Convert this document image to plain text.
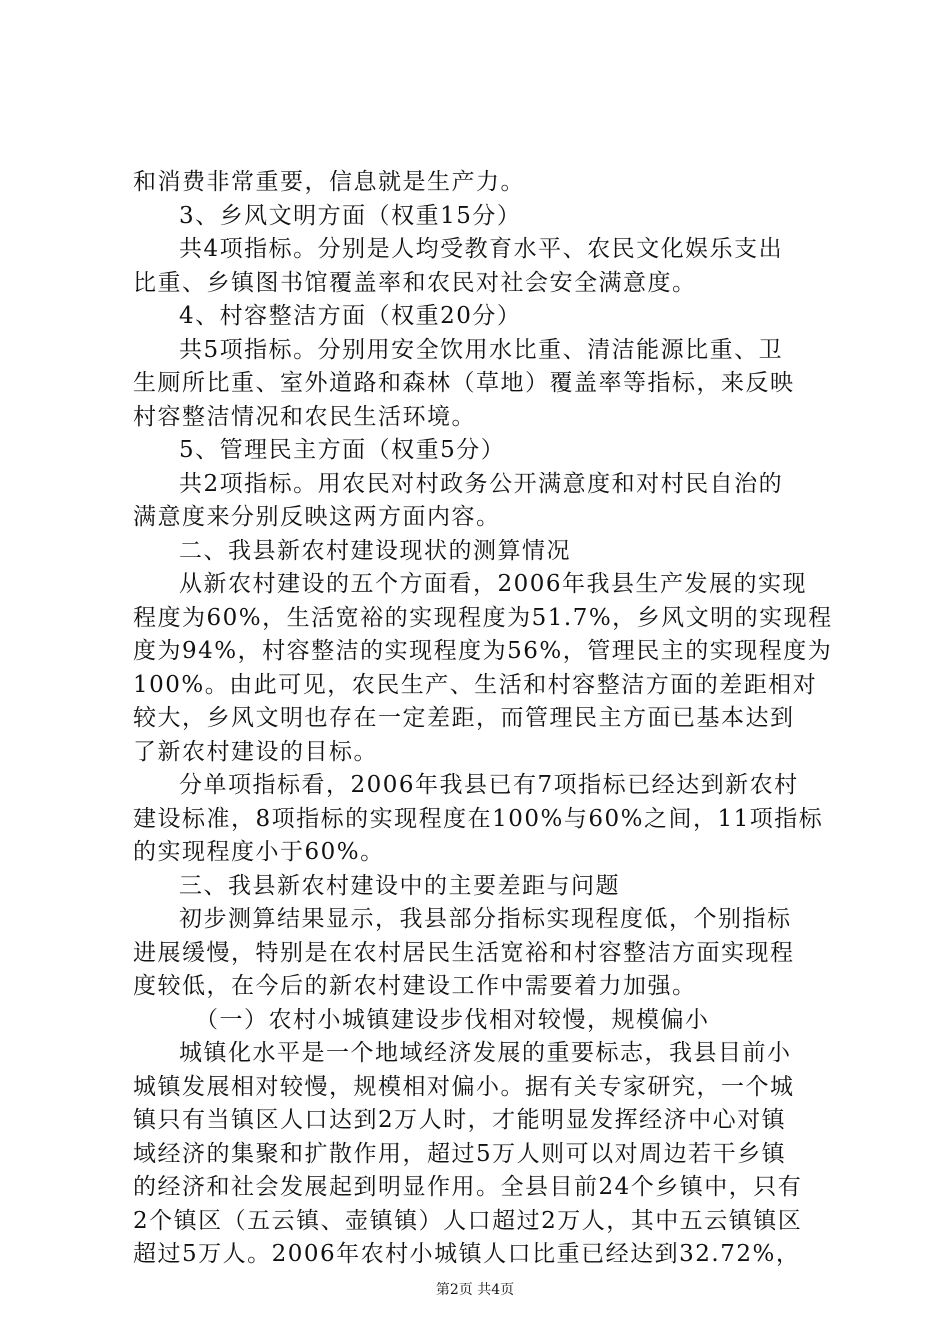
和消费非常重要，信息就是生产力。
3、乡风文明方面（权重15分）
共4项指标。分别是人均受教育水平、农民文化娱乐支出
比重、乡镇图书馆覆盖率和农民对社会安全满意度。
4、村容整洁方面（权重20分）
共5项指标。分别用安全饮用水比重、清洁能源比重、卫
生厕所比重、室外道路和森林（草地）覆盖率等指标，来反映
村容整洁情况和农民生活环境。
5、管理民主方面（权重5分）
共2项指标。用农民对村政务公开满意度和对村民自治的
满意度来分别反映这两方面内容。
二、我县新农村建设现状的测算情况
从新农村建设的五个方面看，2006年我县生产发展的实现
程度为60%，生活宽裕的实现程度为51.7%，乡风文明的实现程
度为94%，村容整洁的实现程度为56%，管理民主的实现程度为
100%。由此可见，农民生产、生活和村容整洁方面的差距相对
较大，乡风文明也存在一定差距，而管理民主方面已基本达到
了新农村建设的目标。
分单项指标看，2006年我县已有7项指标已经达到新农村
建设标准，8项指标的实现程度在100%与60%之间，11项指标
的实现程度小于60%。
三、我县新农村建设中的主要差距与问题
初步测算结果显示，我县部分指标实现程度低，个别指标
进展缓慢，特别是在农村居民生活宽裕和村容整洁方面实现程
度较低，在今后的新农村建设工作中需要着力加强。
（一）农村小城镇建设步伐相对较慢，规模偏小
城镇化水平是一个地域经济发展的重要标志，我县目前小
城镇发展相对较慢，规模相对偏小。据有关专家研究，一个城
镇只有当镇区人口达到2万人时，才能明显发挥经济中心对镇
域经济的集聚和扩散作用，超过5万人则可以对周边若干乡镇
的经济和社会发展起到明显作用。全县目前24个乡镇中，只有
2个镇区（五云镇、壶镇镇）人口超过2万人，其中五云镇镇区
超过5万人。2006年农村小城镇人口比重已经达到32.72%，
第2页 共4页
